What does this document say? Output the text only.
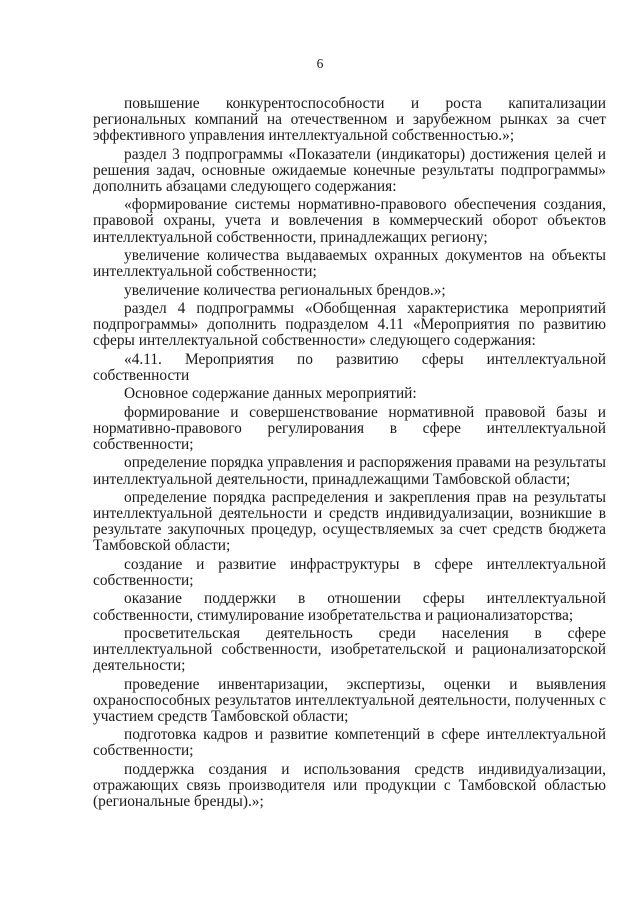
6

повышение конкурентоспособности и роста капитализации региональных компаний на отечественном и зарубежном рынках за счет эффективного управления интеллектуальной собственностью.»;

раздел 3 подпрограммы «Показатели (индикаторы) достижения целей и решения задач, основные ожидаемые конечные результаты подпрограммы» дополнить абзацами следующего содержания:

«формирование системы нормативно-правового обеспечения создания, правовой охраны, учета и вовлечения в коммерческий оборот объектов интеллектуальной собственности, принадлежащих региону;

увеличение количества выдаваемых охранных документов на объекты интеллектуальной собственности;

увеличение количества региональных брендов.»;

раздел 4 подпрограммы «Обобщенная характеристика мероприятий подпрограммы» дополнить подразделом 4.11 «Мероприятия по развитию сферы интеллектуальной собственности» следующего содержания:

«4.11. Мероприятия по развитию сферы интеллектуальной собственности

Основное содержание данных мероприятий:

формирование и совершенствование нормативной правовой базы и нормативно-правового регулирования в сфере интеллектуальной собственности;

определение порядка управления и распоряжения правами на результаты интеллектуальной деятельности, принадлежащими Тамбовской области;

определение порядка распределения и закрепления прав на результаты интеллектуальной деятельности и средств индивидуализации, возникшие в результате закупочных процедур, осуществляемых за счет средств бюджета Тамбовской области;

создание и развитие инфраструктуры в сфере интеллектуальной собственности;

оказание поддержки в отношении сферы интеллектуальной собственности, стимулирование изобретательства и рационализаторства;

просветительская деятельность среди населения в сфере интеллектуальной собственности, изобретательской и рационализаторской деятельности;

проведение инвентаризации, экспертизы, оценки и выявления охраноспособных результатов интеллектуальной деятельности, полученных с участием средств Тамбовской области;

подготовка кадров и развитие компетенций в сфере интеллектуальной собственности;

поддержка создания и использования средств индивидуализации, отражающих связь производителя или продукции с Тамбовской областью (региональные бренды).»;
